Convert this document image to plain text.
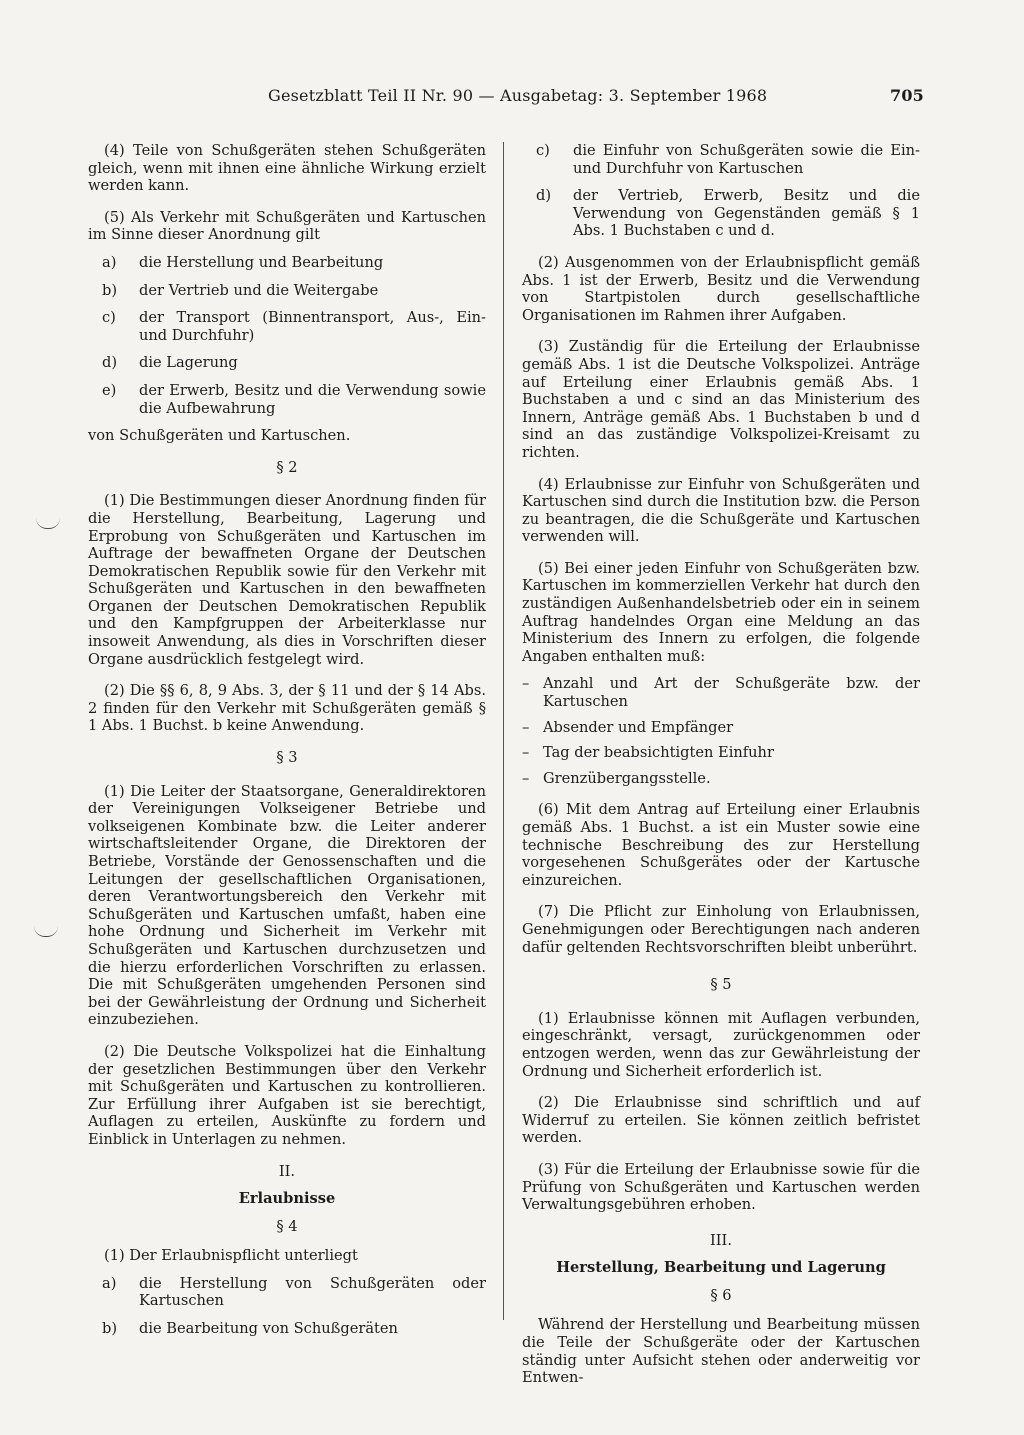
Gesetzblatt Teil II Nr. 90 — Ausgabetag: 3. September 1968	705

(4) Teile von Schußgeräten stehen Schußgeräten gleich, wenn mit ihnen eine ähnliche Wirkung erzielt werden kann.

(5) Als Verkehr mit Schußgeräten und Kartuschen im Sinne dieser Anordnung gilt

a) die Herstellung und Bearbeitung
b) der Vertrieb und die Weitergabe
c) der Transport (Binnentransport, Aus-, Ein- und Durchfuhr)
d) die Lagerung
e) der Erwerb, Besitz und die Verwendung sowie die Aufbewahrung

von Schußgeräten und Kartuschen.

§ 2

(1) Die Bestimmungen dieser Anordnung finden für die Herstellung, Bearbeitung, Lagerung und Erprobung von Schußgeräten und Kartuschen im Auftrage der bewaffneten Organe der Deutschen Demokratischen Republik sowie für den Verkehr mit Schußgeräten und Kartuschen in den bewaffneten Organen der Deutschen Demokratischen Republik und den Kampfgruppen der Arbeiterklasse nur insoweit Anwendung, als dies in Vorschriften dieser Organe ausdrücklich festgelegt wird.

(2) Die §§ 6, 8, 9 Abs. 3, der § 11 und der § 14 Abs. 2 finden für den Verkehr mit Schußgeräten gemäß § 1 Abs. 1 Buchst. b keine Anwendung.

§ 3

(1) Die Leiter der Staatsorgane, Generaldirektoren der Vereinigungen Volkseigener Betriebe und volkseigenen Kombinate bzw. die Leiter anderer wirtschaftsleitender Organe, die Direktoren der Betriebe, Vorstände der Genossenschaften und die Leitungen der gesellschaftlichen Organisationen, deren Verantwortungsbereich den Verkehr mit Schußgeräten und Kartuschen umfaßt, haben eine hohe Ordnung und Sicherheit im Verkehr mit Schußgeräten und Kartuschen durchzusetzen und die hierzu erforderlichen Vorschriften zu erlassen. Die mit Schußgeräten umgehenden Personen sind bei der Gewährleistung der Ordnung und Sicherheit einzubeziehen.

(2) Die Deutsche Volkspolizei hat die Einhaltung der gesetzlichen Bestimmungen über den Verkehr mit Schußgeräten und Kartuschen zu kontrollieren. Zur Erfüllung ihrer Aufgaben ist sie berechtigt, Auflagen zu erteilen, Auskünfte zu fordern und Einblick in Unterlagen zu nehmen.

II.
Erlaubnisse
§ 4

(1) Der Erlaubnispflicht unterliegt

a) die Herstellung von Schußgeräten oder Kartuschen
b) die Bearbeitung von Schußgeräten
c) die Einfuhr von Schußgeräten sowie die Ein- und Durchfuhr von Kartuschen
d) der Vertrieb, Erwerb, Besitz und die Verwendung von Gegenständen gemäß § 1 Abs. 1 Buchstaben c und d.

(2) Ausgenommen von der Erlaubnispflicht gemäß Abs. 1 ist der Erwerb, Besitz und die Verwendung von Startpistolen durch gesellschaftliche Organisationen im Rahmen ihrer Aufgaben.

(3) Zuständig für die Erteilung der Erlaubnisse gemäß Abs. 1 ist die Deutsche Volkspolizei. Anträge auf Erteilung einer Erlaubnis gemäß Abs. 1 Buchstaben a und c sind an das Ministerium des Innern, Anträge gemäß Abs. 1 Buchstaben b und d sind an das zuständige Volkspolizei-Kreisamt zu richten.

(4) Erlaubnisse zur Einfuhr von Schußgeräten und Kartuschen sind durch die Institution bzw. die Person zu beantragen, die die Schußgeräte und Kartuschen verwenden will.

(5) Bei einer jeden Einfuhr von Schußgeräten bzw. Kartuschen im kommerziellen Verkehr hat durch den zuständigen Außenhandelsbetrieb oder ein in seinem Auftrag handelndes Organ eine Meldung an das Ministerium des Innern zu erfolgen, die folgende Angaben enthalten muß:

– Anzahl und Art der Schußgeräte bzw. der Kartuschen
– Absender und Empfänger
– Tag der beabsichtigten Einfuhr
– Grenzübergangsstelle.

(6) Mit dem Antrag auf Erteilung einer Erlaubnis gemäß Abs. 1 Buchst. a ist ein Muster sowie eine technische Beschreibung des zur Herstellung vorgesehenen Schußgerätes oder der Kartusche einzureichen.

(7) Die Pflicht zur Einholung von Erlaubnissen, Genehmigungen oder Berechtigungen nach anderen dafür geltenden Rechtsvorschriften bleibt unberührt.

§ 5

(1) Erlaubnisse können mit Auflagen verbunden, eingeschränkt, versagt, zurückgenommen oder entzogen werden, wenn das zur Gewährleistung der Ordnung und Sicherheit erforderlich ist.

(2) Die Erlaubnisse sind schriftlich und auf Widerruf zu erteilen. Sie können zeitlich befristet werden.

(3) Für die Erteilung der Erlaubnisse sowie für die Prüfung von Schußgeräten und Kartuschen werden Verwaltungsgebühren erhoben.

III.
Herstellung, Bearbeitung und Lagerung
§ 6

Während der Herstellung und Bearbeitung müssen die Teile der Schußgeräte oder der Kartuschen ständig unter Aufsicht stehen oder anderweitig vor Entwen-
